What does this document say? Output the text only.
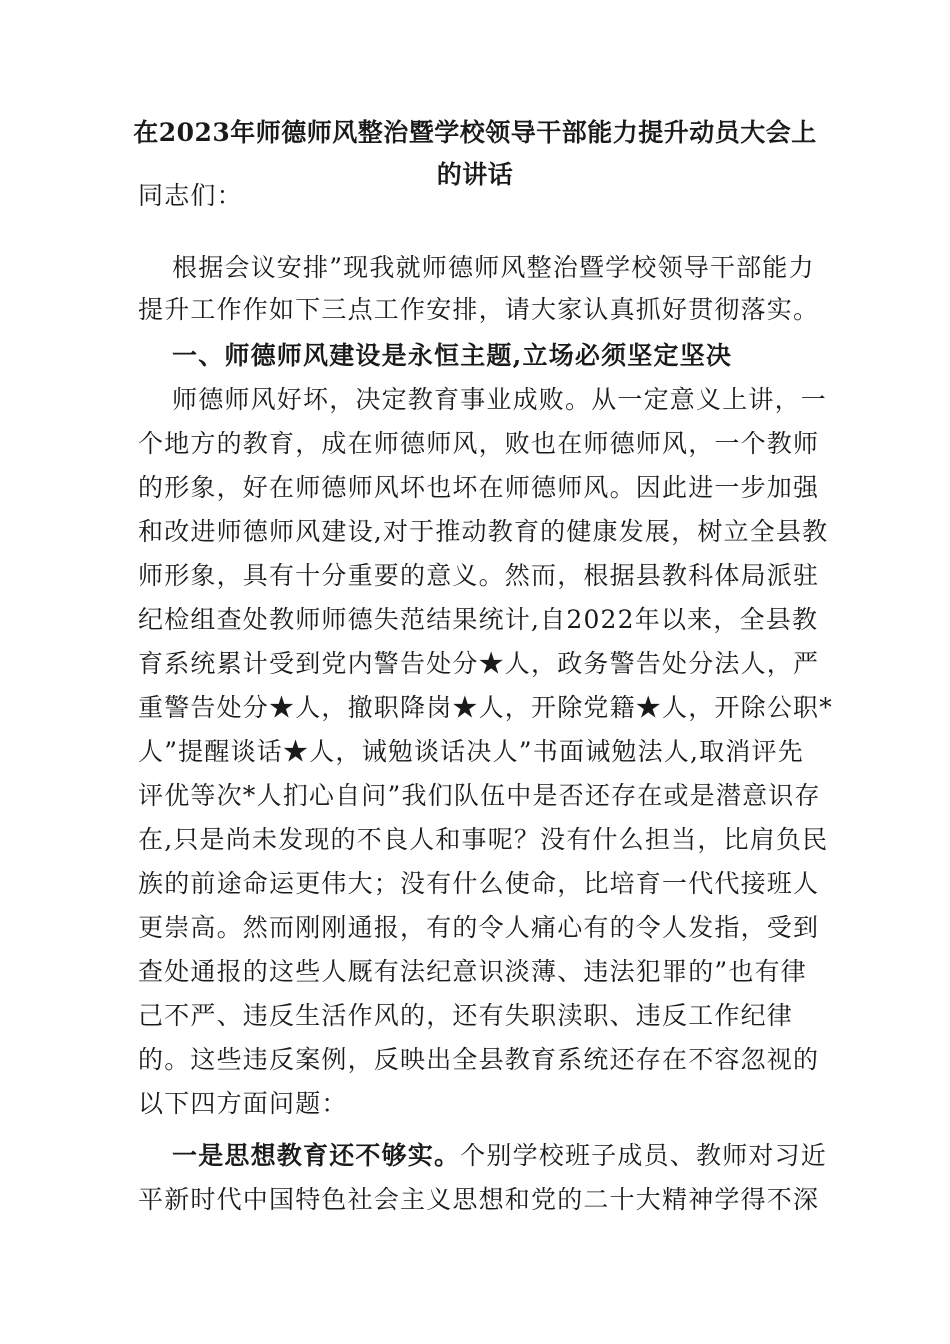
在2023年师德师风整治暨学校领导干部能力提升动员大会上
的讲话
同志们：
根据会议安排”现我就师德师风整治暨学校领导干部能力
提升工作作如下三点工作安排，请大家认真抓好贯彻落实。
一、师德师风建设是永恒主题,立场必须坚定坚决
师德师风好坏，决定教育事业成败。从一定意义上讲，一
个地方的教育，成在师德师风，败也在师德师风，一个教师
的形象，好在师德师风坏也坏在师德师风。因此进一步加强
和改进师德师风建设,对于推动教育的健康发展，树立全县教
师形象，具有十分重要的意义。然而，根据县教科体局派驻
纪检组查处教师师德失范结果统计,自2022年以来，全县教
育系统累计受到党内警告处分★人，政务警告处分法人，严
重警告处分★人，撤职降岗★人，开除党籍★人，开除公职*
人”提醒谈话★人，诫勉谈话决人”书面诫勉法人,取消评先
评优等次*人扪心自问”我们队伍中是否还存在或是潜意识存
在,只是尚未发现的不良人和事呢？没有什么担当，比肩负民
族的前途命运更伟大；没有什么使命，比培育一代代接班人
更崇高。然而刚刚通报，有的令人痛心有的令人发指，受到
查处通报的这些人厩有法纪意识淡薄、违法犯罪的”也有律
己不严、违反生活作风的，还有失职渎职、违反工作纪律
的。这些违反案例，反映出全县教育系统还存在不容忽视的
以下四方面问题：
一是思想教育还不够实。个别学校班子成员、教师对习近
平新时代中国特色社会主义思想和党的二十大精神学得不深
